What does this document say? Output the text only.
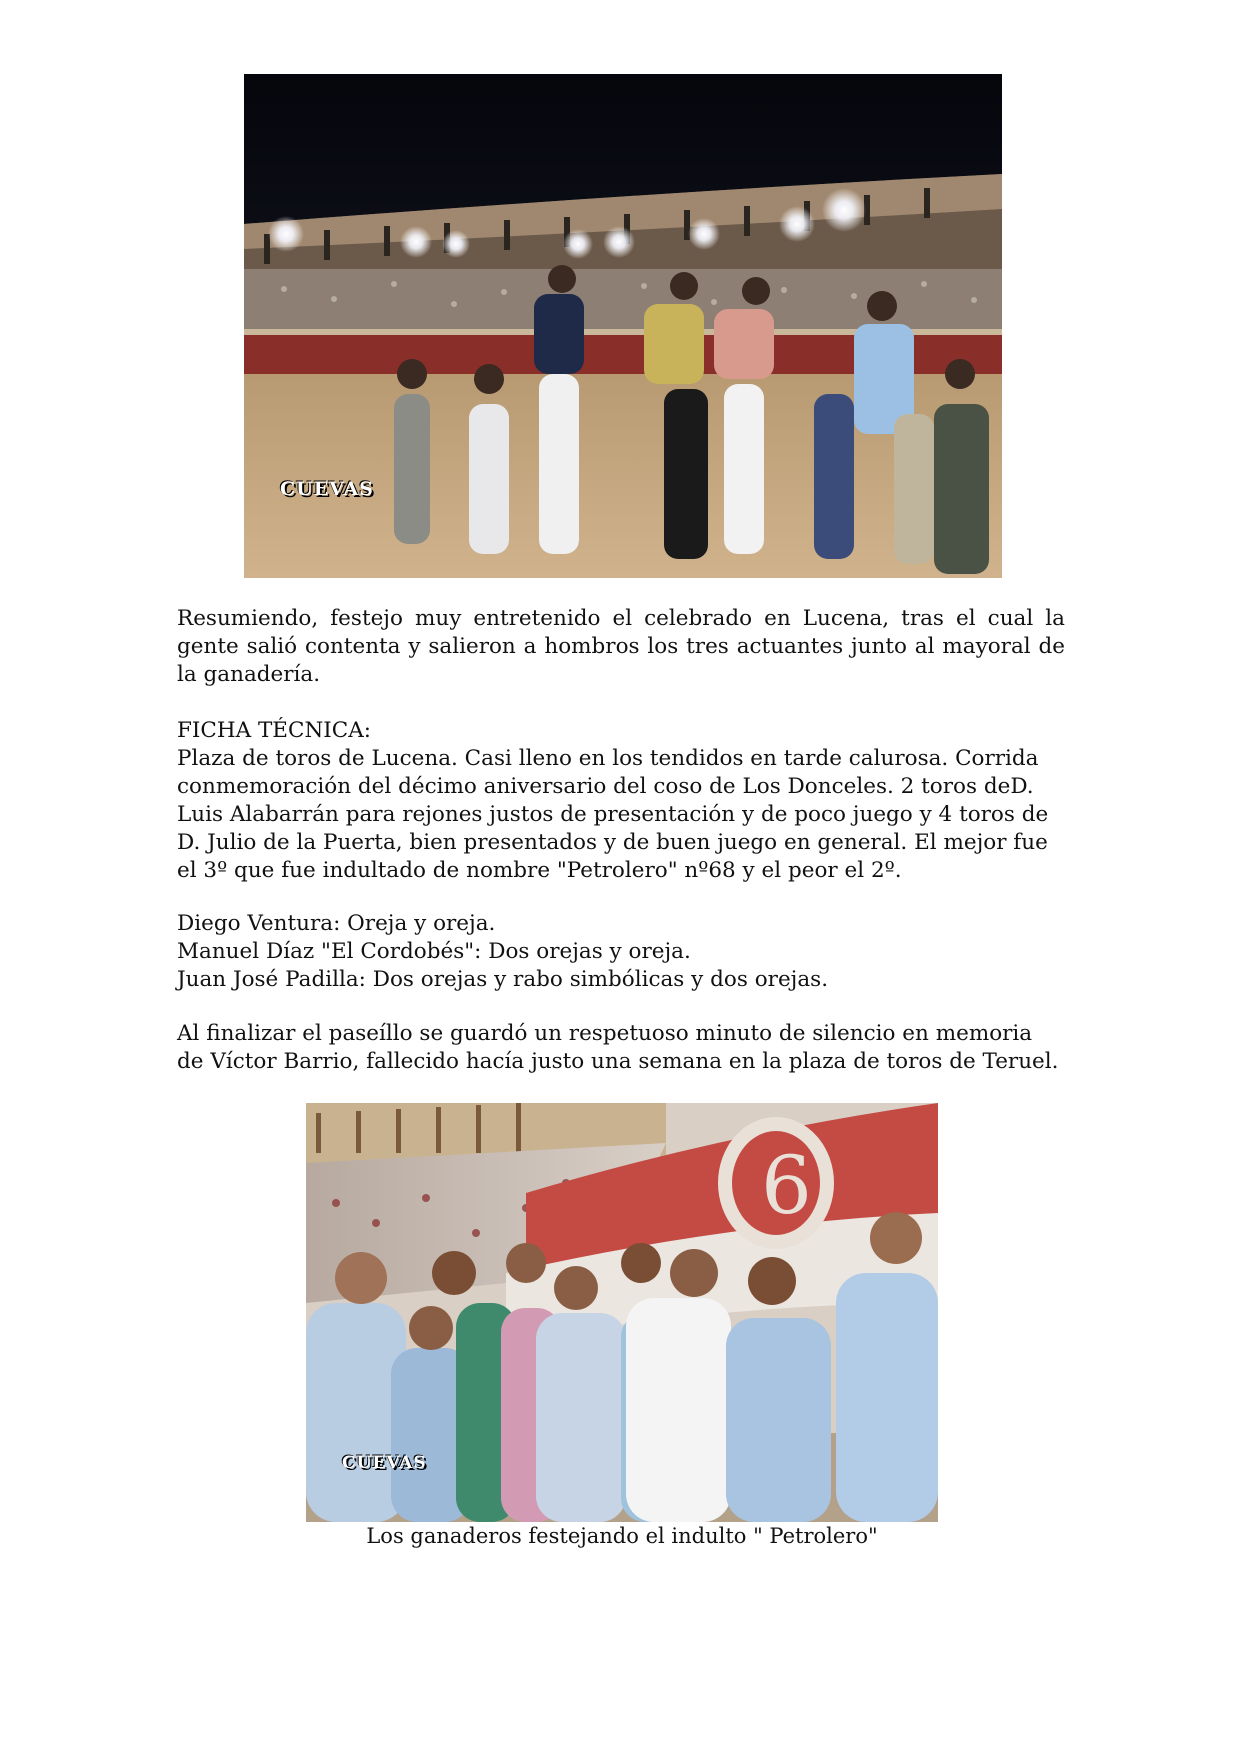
CUEVAS

Resumiendo, festejo muy entretenido el celebrado en Lucena, tras el cual la gente salió contenta y salieron a hombros los tres actuantes junto al mayoral de la ganadería.

FICHA TÉCNICA:
Plaza de toros de Lucena. Casi lleno en los tendidos en tarde calurosa. Corrida conmemoración del décimo aniversario del coso de Los Donceles. 2 toros deD. Luis Alabarrán para rejones justos de presentación y de poco juego y 4 toros de D. Julio de la Puerta, bien presentados y de buen juego en general. El mejor fue el 3º que fue indultado de nombre "Petrolero" nº68 y el peor el 2º.
Diego Ventura: Oreja y oreja.
Manuel Díaz "El Cordobés": Dos orejas y oreja.
Juan José Padilla: Dos orejas y rabo simbólicas y dos orejas.

Al finalizar el paseíllo se guardó un respetuoso minuto de silencio en memoria de Víctor Barrio, fallecido hacía justo una semana en la plaza de toros de Teruel.

6
CUEVAS

Los ganaderos festejando el indulto " Petrolero"
